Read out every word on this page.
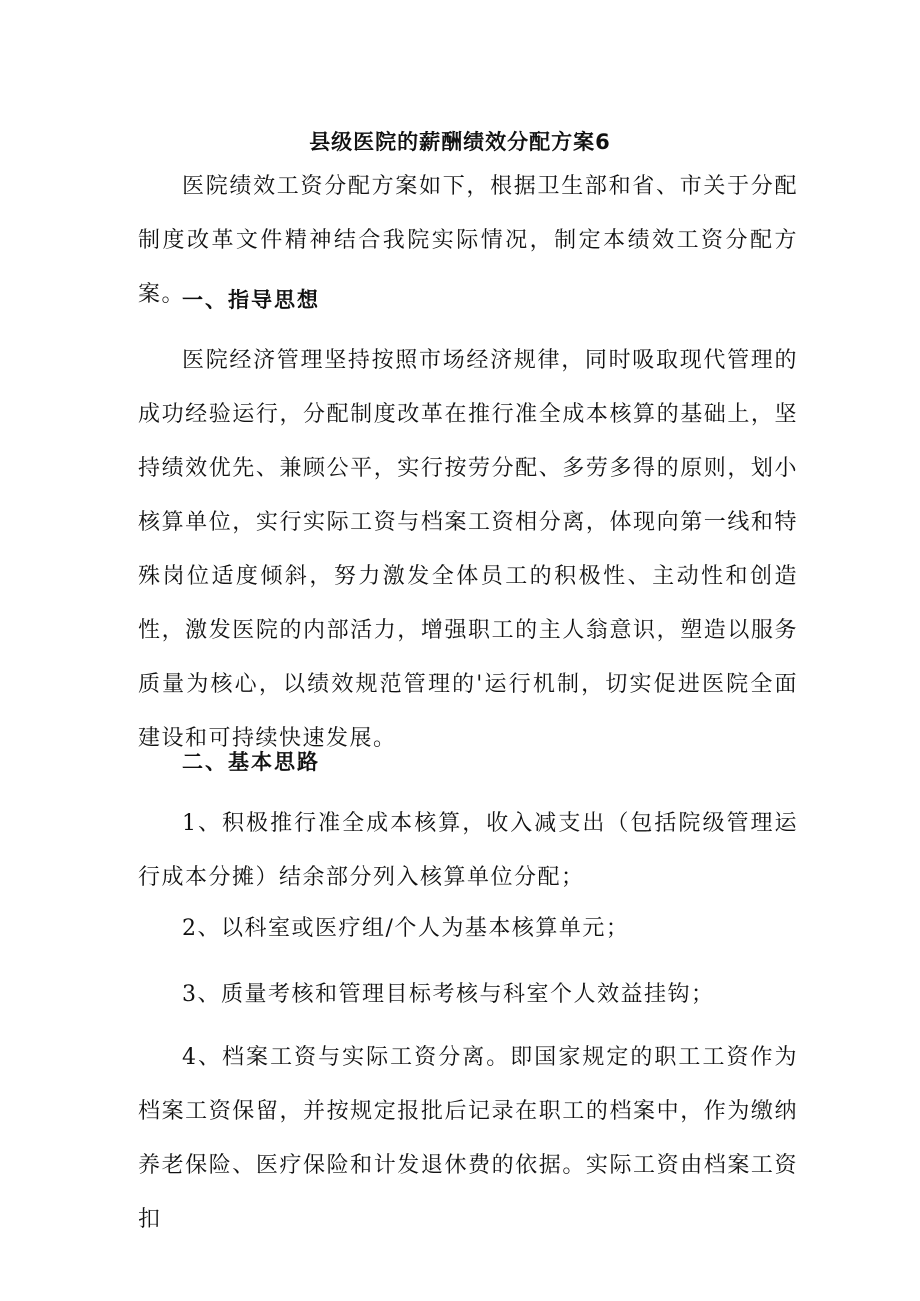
县级医院的薪酬绩效分配方案6

医院绩效工资分配方案如下，根据卫生部和省、市关于分配制度改革文件精神结合我院实际情况，制定本绩效工资分配方案。

一、指导思想

医院经济管理坚持按照市场经济规律，同时吸取现代管理的成功经验运行，分配制度改革在推行准全成本核算的基础上，坚持绩效优先、兼顾公平，实行按劳分配、多劳多得的原则，划小核算单位，实行实际工资与档案工资相分离，体现向第一线和特殊岗位适度倾斜，努力激发全体员工的积极性、主动性和创造性，激发医院的内部活力，增强职工的主人翁意识，塑造以服务质量为核心，以绩效规范管理的'运行机制，切实促进医院全面建设和可持续快速发展。

二、基本思路

1、积极推行准全成本核算，收入减支出（包括院级管理运行成本分摊）结余部分列入核算单位分配；

2、以科室或医疗组/个人为基本核算单元；

3、质量考核和管理目标考核与科室个人效益挂钩；

4、档案工资与实际工资分离。即国家规定的职工工资作为档案工资保留，并按规定报批后记录在职工的档案中，作为缴纳养老保险、医疗保险和计发退休费的依据。实际工资由档案工资扣
